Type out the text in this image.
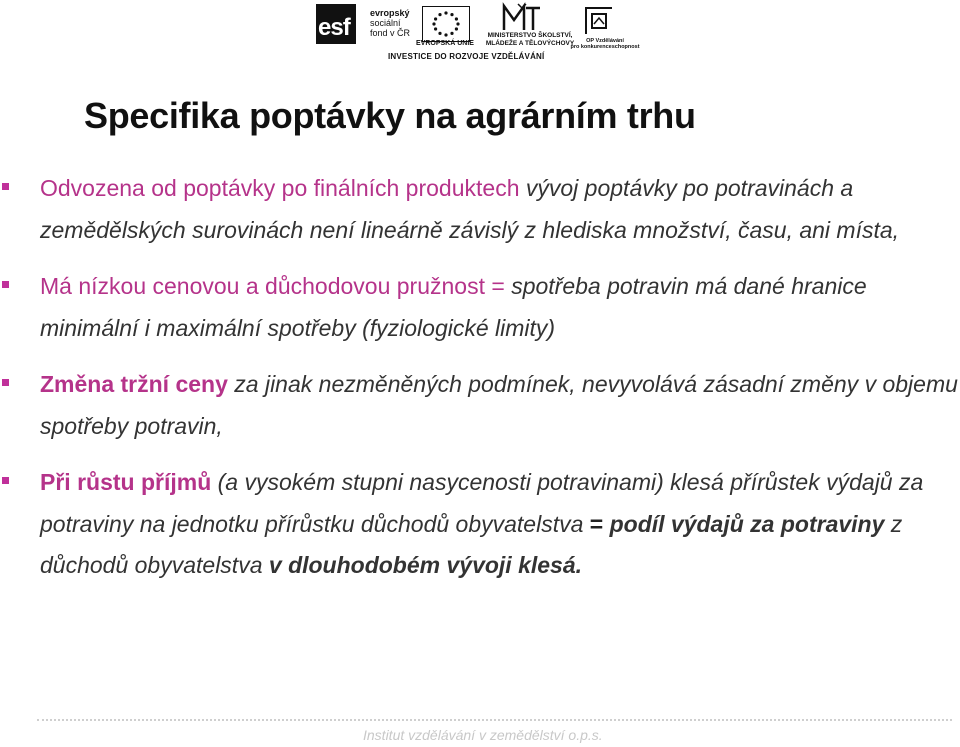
esf
evropský
sociální
fond v ČR
EVROPSKÁ UNIE
MINISTERSTVO ŠKOLSTVÍ,
MLÁDEŽE A TĚLOVÝCHOVY	OP Vzdělávání
pro konkurenceschopnost
INVESTICE DO ROZVOJE VZDĚLÁVÁNÍ
Specifika poptávky na agrárním trhu
Odvozena od poptávky po finálních produktech vývoj poptávky po potravinách a zemědělských surovinách není lineárně závislý z hlediska množství, času, ani místa,
Má nízkou cenovou a důchodovou pružnost = spotřeba potravin má dané hranice minimální i maximální spotřeby (fyziologické limity)
Změna tržní ceny za jinak nezměněných podmínek, nevyvolává zásadní změny v objemu spotřeby potravin,
Při růstu příjmů (a vysokém stupni nasycenosti potravinami) klesá přírůstek výdajů za potraviny na jednotku přírůstku důchodů obyvatelstva = podíl výdajů za potraviny z důchodů obyvatelstva v dlouhodobém vývoji klesá.
Institut vzdělávání v zemědělství o.p.s.
